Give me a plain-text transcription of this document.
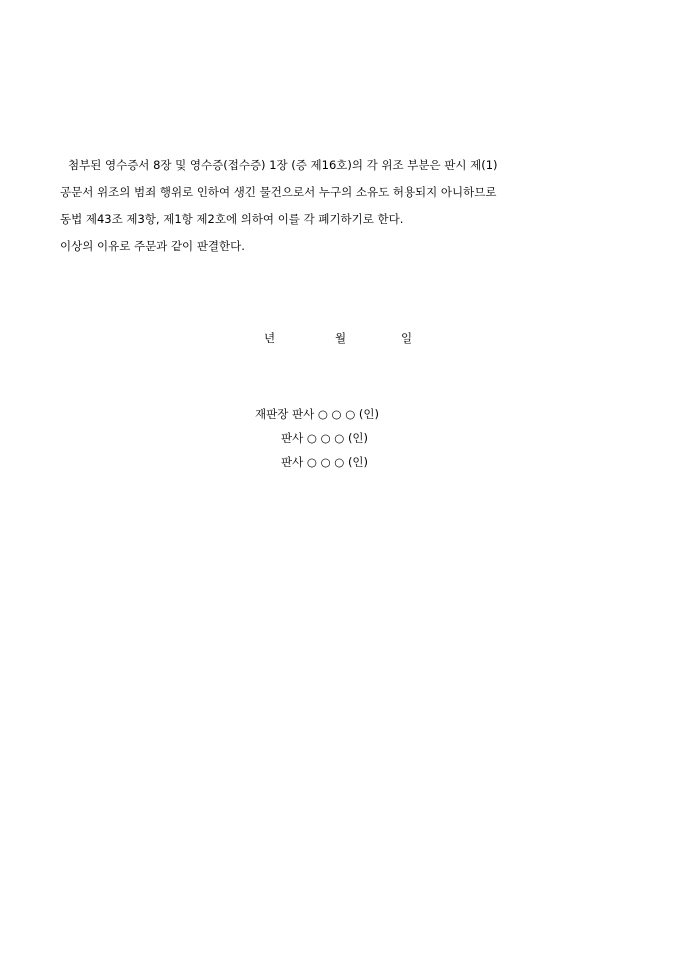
첨부된 영수증서 8장 및 영수증(접수증) 1장 (증 제16호)의 각 위조 부분은 판시 제(1)
공문서 위조의 범죄 행위로 인하여 생긴 물건으로서 누구의 소유도 허용되지 아니하므로
동법 제43조 제3항, 제1항 제2호에 의하여 이를 각 폐기하기로 한다.
이상의 이유로 주문과 같이 판결한다.
년	월	일
재판장 판사 ○ ○ ○ (인)
판사 ○ ○ ○ (인)
판사 ○ ○ ○ (인)
